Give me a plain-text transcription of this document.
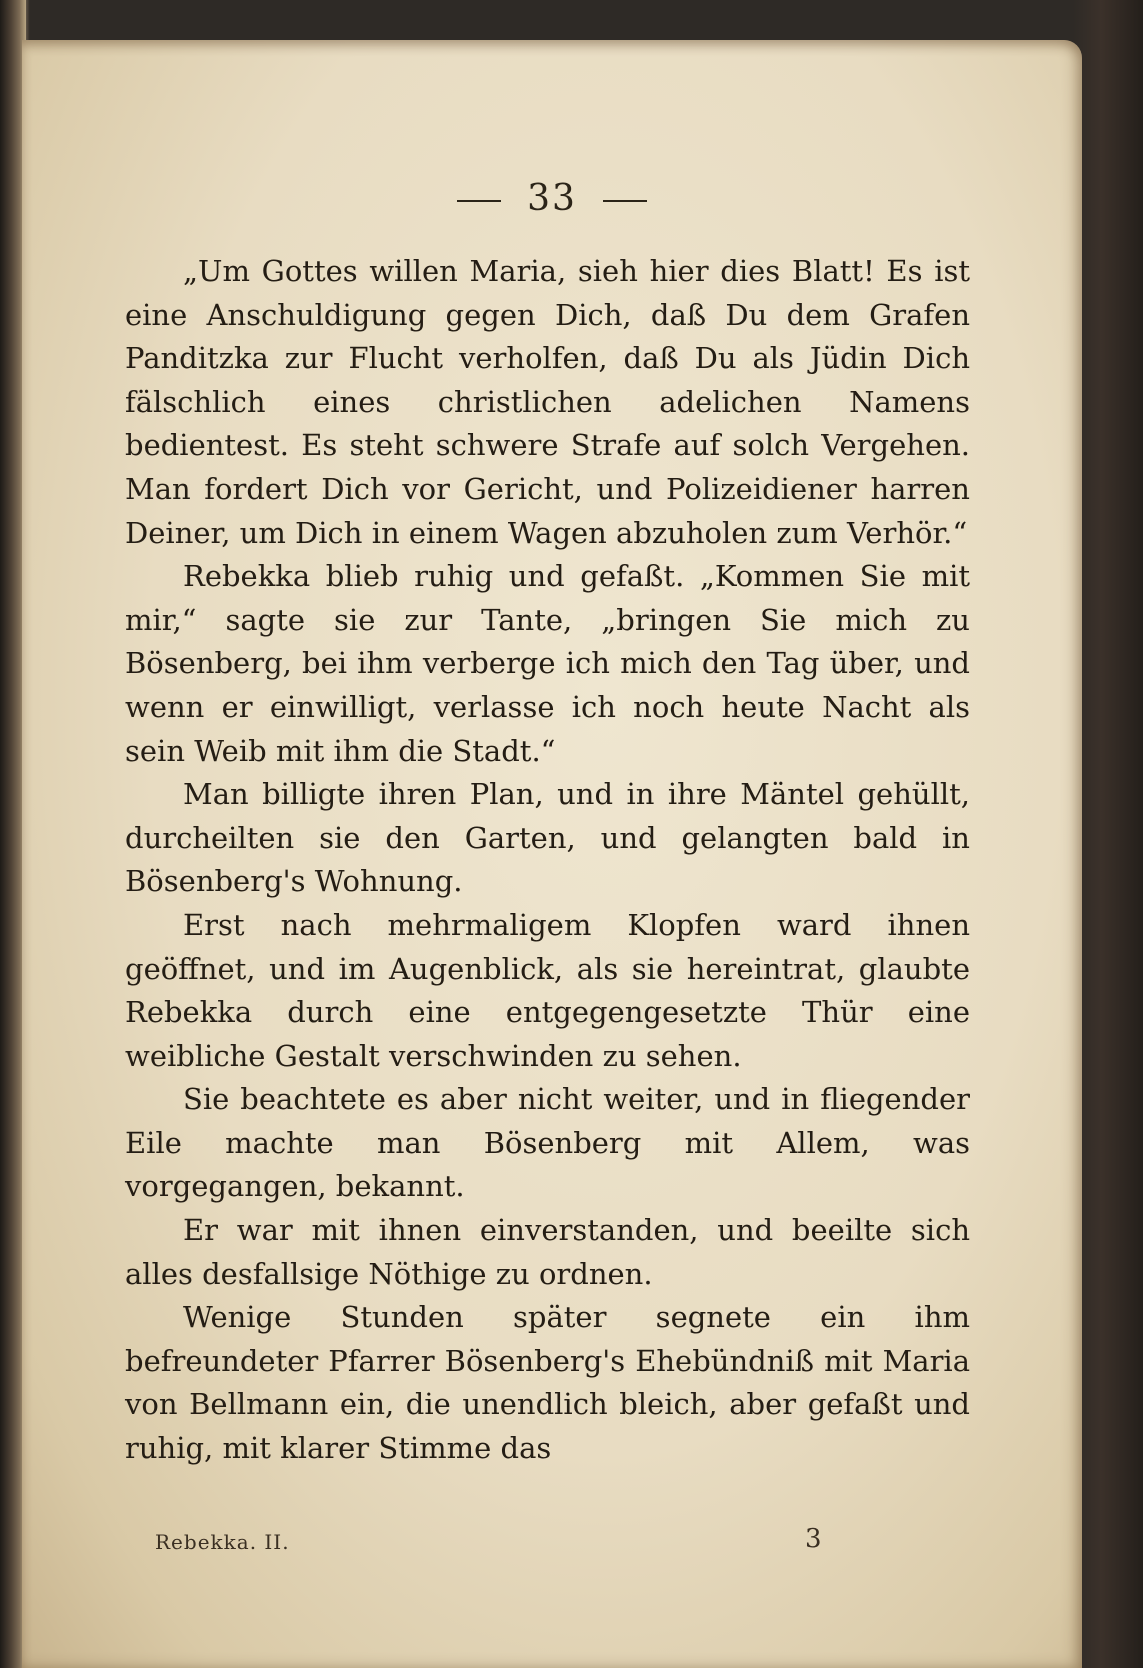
33

„Um Gottes willen Maria, sieh hier dies Blatt! Es ist eine Anschuldigung gegen Dich, daß Du dem Grafen Panditzka zur Flucht verholfen, daß Du als Jüdin Dich fälschlich eines christlichen adelichen Namens bedientest. Es steht schwere Strafe auf solch Vergehen. Man fordert Dich vor Gericht, und Polizeidiener harren Deiner, um Dich in einem Wagen abzuholen zum Verhör.“

Rebekka blieb ruhig und gefaßt. „Kommen Sie mit mir,“ sagte sie zur Tante, „bringen Sie mich zu Bösenberg, bei ihm verberge ich mich den Tag über, und wenn er einwilligt, verlasse ich noch heute Nacht als sein Weib mit ihm die Stadt.“

Man billigte ihren Plan, und in ihre Mäntel gehüllt, durcheilten sie den Garten, und gelangten bald in Bösenberg's Wohnung.

Erst nach mehrmaligem Klopfen ward ihnen geöffnet, und im Augenblick, als sie hereintrat, glaubte Rebekka durch eine entgegengesetzte Thür eine weibliche Gestalt verschwinden zu sehen.

Sie beachtete es aber nicht weiter, und in fliegender Eile machte man Bösenberg mit Allem, was vorgegangen, bekannt.

Er war mit ihnen einverstanden, und beeilte sich alles desfallsige Nöthige zu ordnen.

Wenige Stunden später segnete ein ihm befreundeter Pfarrer Bösenberg's Ehebündniß mit Maria von Bellmann ein, die unendlich bleich, aber gefaßt und ruhig, mit klarer Stimme das

Rebekka. II.	3
